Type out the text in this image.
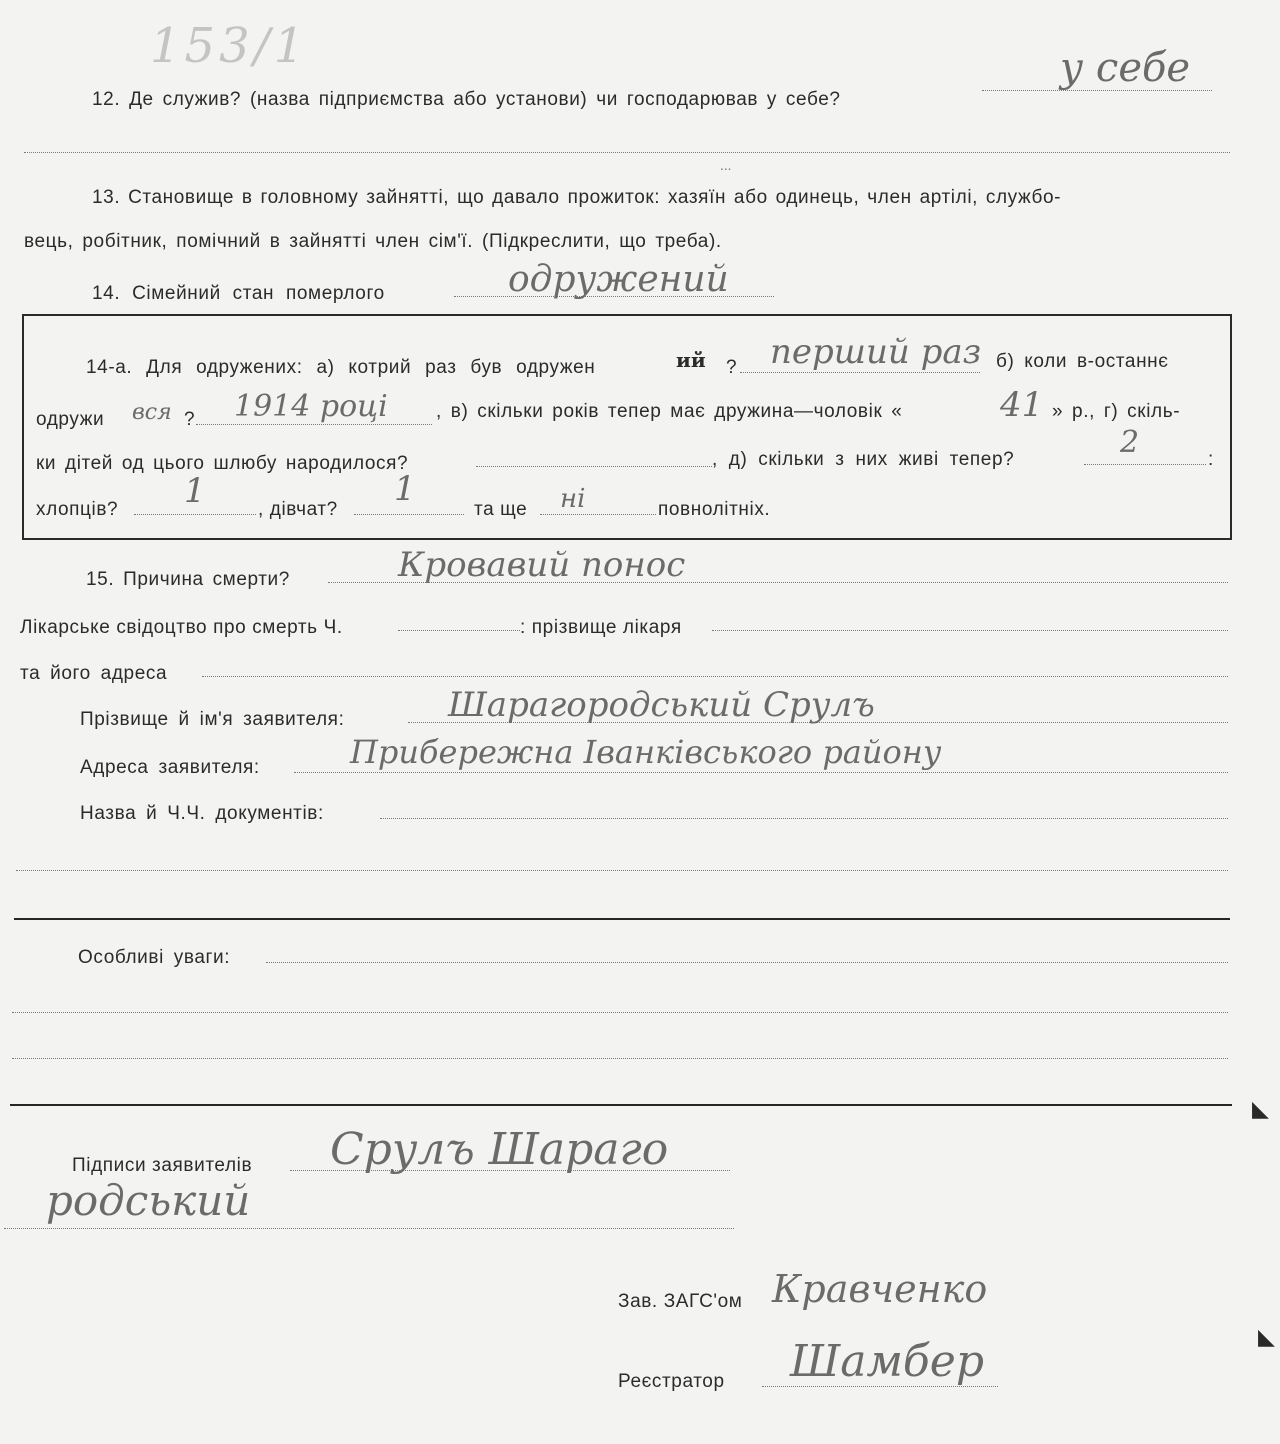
153/1
12. Де служив? (назва підприємства або установи) чи господарював у себе?
у себе
...
13. Становище в головному зайнятті, що давало прожиток: хазяїн або одинець, член артілі, службо-
вець, робітник, помічний в зайнятті член сім'ї. (Підкреслити, що треба).
14. Сімейний стан померлого	одружений
14-а. Для одружених: а) котрий раз був одружен	ий ? перший раз б) коли в-останнє
одружи вся ? 1914 році	, в) скільки років тепер має дружина—чоловік «	41 » р., г) скіль-
ки дітей од цього шлюбу народилося?	, д) скільки з них живі тепер?	2	:
хлопців? 1	, дівчат?
1
та ще ні	повнолітніх.
15. Причина смерти?	Кровавий понос
Лікарське свідоцтво про смерть Ч.	: прізвище лікаря
та його адреса
Прізвище й ім'я заявителя:	Шарагородський Срулъ
Адреса заявителя:	Прибережна Іванківського району
Назва й Ч.Ч. документів:
Особливі уваги:
Підписи заявителів Срулъ Шараго
родський
Зав. ЗАГС'ом Кравченко
Реєстратор Шамбер
◣
◣
